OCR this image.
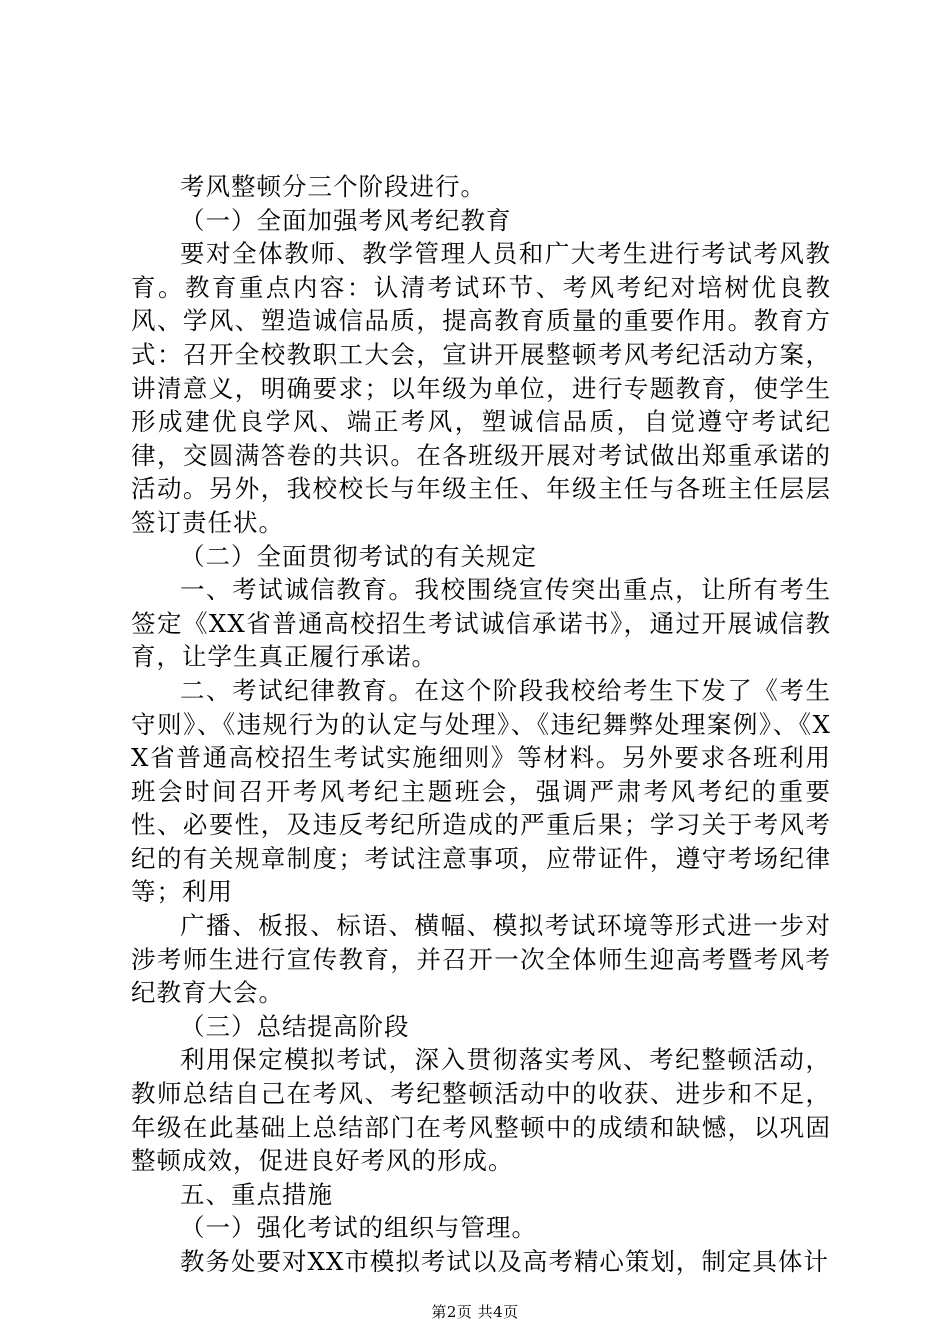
考风整顿分三个阶段进行。

（一）全面加强考风考纪教育

要对全体教师、教学管理人员和广大考生进行考试考风教育。教育重点内容：认清考试环节、考风考纪对培树优良教风、学风、塑造诚信品质，提高教育质量的重要作用。教育方式：召开全校教职工大会，宣讲开展整顿考风考纪活动方案，讲清意义，明确要求；以年级为单位，进行专题教育，使学生形成建优良学风、端正考风，塑诚信品质，自觉遵守考试纪律，交圆满答卷的共识。在各班级开展对考试做出郑重承诺的活动。另外，我校校长与年级主任、年级主任与各班主任层层签订责任状。

（二）全面贯彻考试的有关规定

一、考试诚信教育。我校围绕宣传突出重点，让所有考生签定《XX省普通高校招生考试诚信承诺书》，通过开展诚信教育，让学生真正履行承诺。

二、考试纪律教育。在这个阶段我校给考生下发了《考生守则》、《违规行为的认定与处理》、《违纪舞弊处理案例》、《XX省普通高校招生考试实施细则》等材料。另外要求各班利用班会时间召开考风考纪主题班会，强调严肃考风考纪的重要性、必要性，及违反考纪所造成的严重后果；学习关于考风考纪的有关规章制度；考试注意事项，应带证件，遵守考场纪律等；利用

广播、板报、标语、横幅、模拟考试环境等形式进一步对涉考师生进行宣传教育，并召开一次全体师生迎高考暨考风考纪教育大会。

（三）总结提高阶段

利用保定模拟考试，深入贯彻落实考风、考纪整顿活动，教师总结自己在考风、考纪整顿活动中的收获、进步和不足，年级在此基础上总结部门在考风整顿中的成绩和缺憾，以巩固整顿成效，促进良好考风的形成。

五、重点措施

（一）强化考试的组织与管理。

教务处要对XX市模拟考试以及高考精心策划，制定具体计

第2页 共4页
